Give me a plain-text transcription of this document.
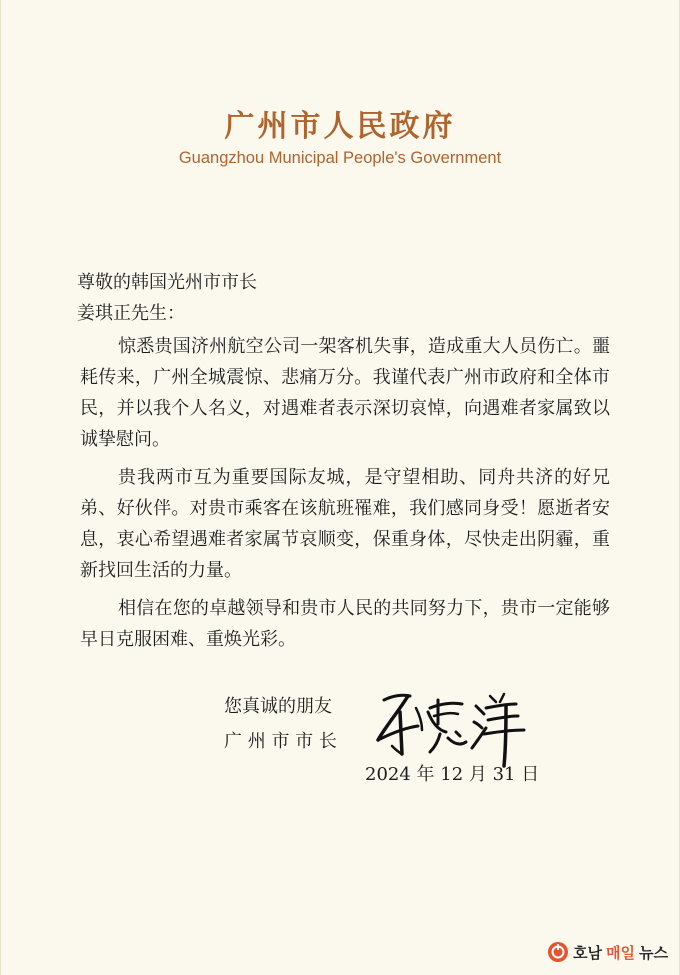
广州市人民政府
Guangzhou Municipal People's Government
尊敬的韩国光州市市长
姜琪正先生：

惊悉贵国济州航空公司一架客机失事，造成重大人员伤亡。噩耗传来，广州全城震惊、悲痛万分。我谨代表广州市政府和全体市民，并以我个人名义，对遇难者表示深切哀悼，向遇难者家属致以诚挚慰问。

贵我两市互为重要国际友城，是守望相助、同舟共济的好兄弟、好伙伴。对贵市乘客在该航班罹难，我们感同身受！愿逝者安息，衷心希望遇难者家属节哀顺变，保重身体，尽快走出阴霾，重新找回生活的力量。

相信在您的卓越领导和贵市人民的共同努力下，贵市一定能够早日克服困难、重焕光彩。

您真诚的朋友
广 州 市 市 长
2024 年 12 月 31 日
호남 매일 뉴스
